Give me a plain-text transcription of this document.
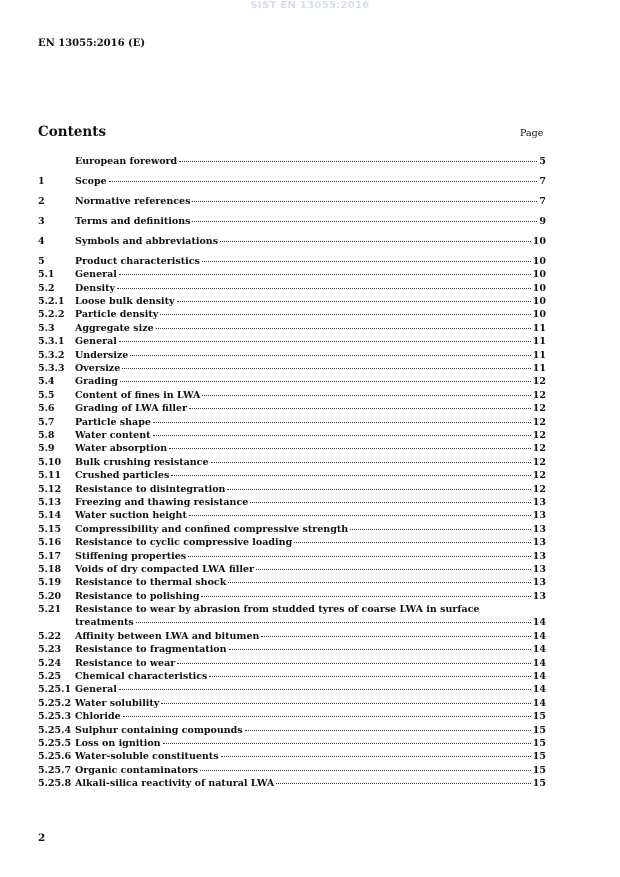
SIST EN 13055:2016
EN 13055:2016 (E)
Contents	Page
European foreword	5
1	Scope	7
2	Normative references	7
3	Terms and definitions	9
4	Symbols and abbreviations	10
5	Product characteristics	10
5.1	General	10
5.2	Density	10
5.2.1	Loose bulk density	10
5.2.2	Particle density	10
5.3	Aggregate size	11
5.3.1	General	11
5.3.2	Undersize	11
5.3.3	Oversize	11
5.4	Grading	12
5.5	Content of fines in LWA	12
5.6	Grading of LWA filler	12
5.7	Particle shape	12
5.8	Water content	12
5.9	Water absorption	12
5.10	Bulk crushing resistance	12
5.11	Crushed particles	12
5.12	Resistance to disintegration	12
5.13	Freezing and thawing resistance	13
5.14	Water suction height	13
5.15	Compressibility and confined compressive strength	13
5.16	Resistance to cyclic compressive loading	13
5.17	Stiffening properties	13
5.18	Voids of dry compacted LWA filler	13
5.19	Resistance to thermal shock	13
5.20	Resistance to polishing	13
5.21	Resistance to wear by abrasion from studded tyres of coarse LWA in surface
treatments	14
5.22	Affinity between LWA and bitumen	14
5.23	Resistance to fragmentation	14
5.24	Resistance to wear	14
5.25	Chemical characteristics	14
5.25.1 General	14
5.25.2 Water solubility	14
5.25.3 Chloride	15
5.25.4 Sulphur containing compounds	15
5.25.5 Loss on ignition	15
5.25.6 Water-soluble constituents	15
5.25.7 Organic contaminators	15
5.25.8 Alkali-silica reactivity of natural LWA	15
2
